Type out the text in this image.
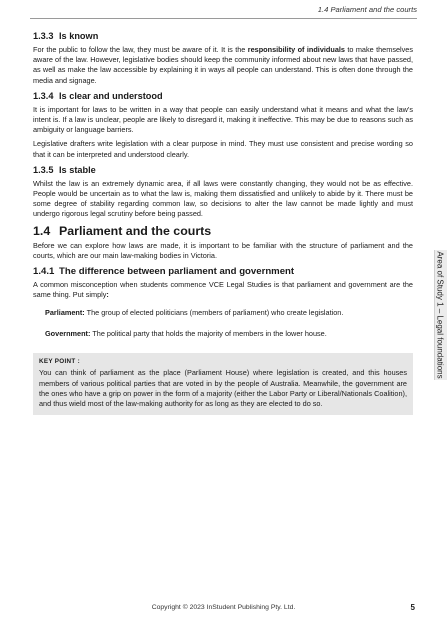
1.4 Parliament and the courts
Area of Study 1 – Legal foundations
1.3.3 Is known

For the public to follow the law, they must be aware of it. It is the responsibility of individuals to make themselves aware of the law. However, legislative bodies should keep the community informed about new laws that have passed, as well as make the law accessible by explaining it in ways all people can understand. This is often done through the media and signage.

1.3.4 Is clear and understood

It is important for laws to be written in a way that people can easily understand what it means and what the law's intent is. If a law is unclear, people are likely to disregard it, making it ineffective. This may be due to reasons such as ambiguity or language barriers.

Legislative drafters write legislation with a clear purpose in mind. They must use consistent and precise wording so that it can be interpreted and understood clearly.

1.3.5 Is stable

Whilst the law is an extremely dynamic area, if all laws were constantly changing, they would not be as effective. People would be uncertain as to what the law is, making them dissatisfied and unlikely to abide by it. There must be some degree of stability regarding common law, so decisions to alter the law cannot be made lightly and must undergo rigorous legal scrutiny before being passed.

1.4 Parliament and the courts

Before we can explore how laws are made, it is important to be familiar with the structure of parliament and the courts, which are our main law-making bodies in Victoria.

1.4.1 The difference between parliament and government

A common misconception when students commence VCE Legal Studies is that parliament and government are the same thing. Put simply:

Parliament: The group of elected politicians (members of parliament) who create legislation.

Government: The political party that holds the majority of members in the lower house.

KEY POINT :

You can think of parliament as the place (Parliament House) where legislation is created, and this houses members of various political parties that are voted in by the people of Australia. Meanwhile, the government are the ones who have a grip on power in the form of a majority (either the Labor Party or Liberal/Nationals Coalition), and thus wield most of the law-making authority for as long as they are elected to do so.

Copyright © 2023 InStudent Publishing Pty. Ltd.	5
